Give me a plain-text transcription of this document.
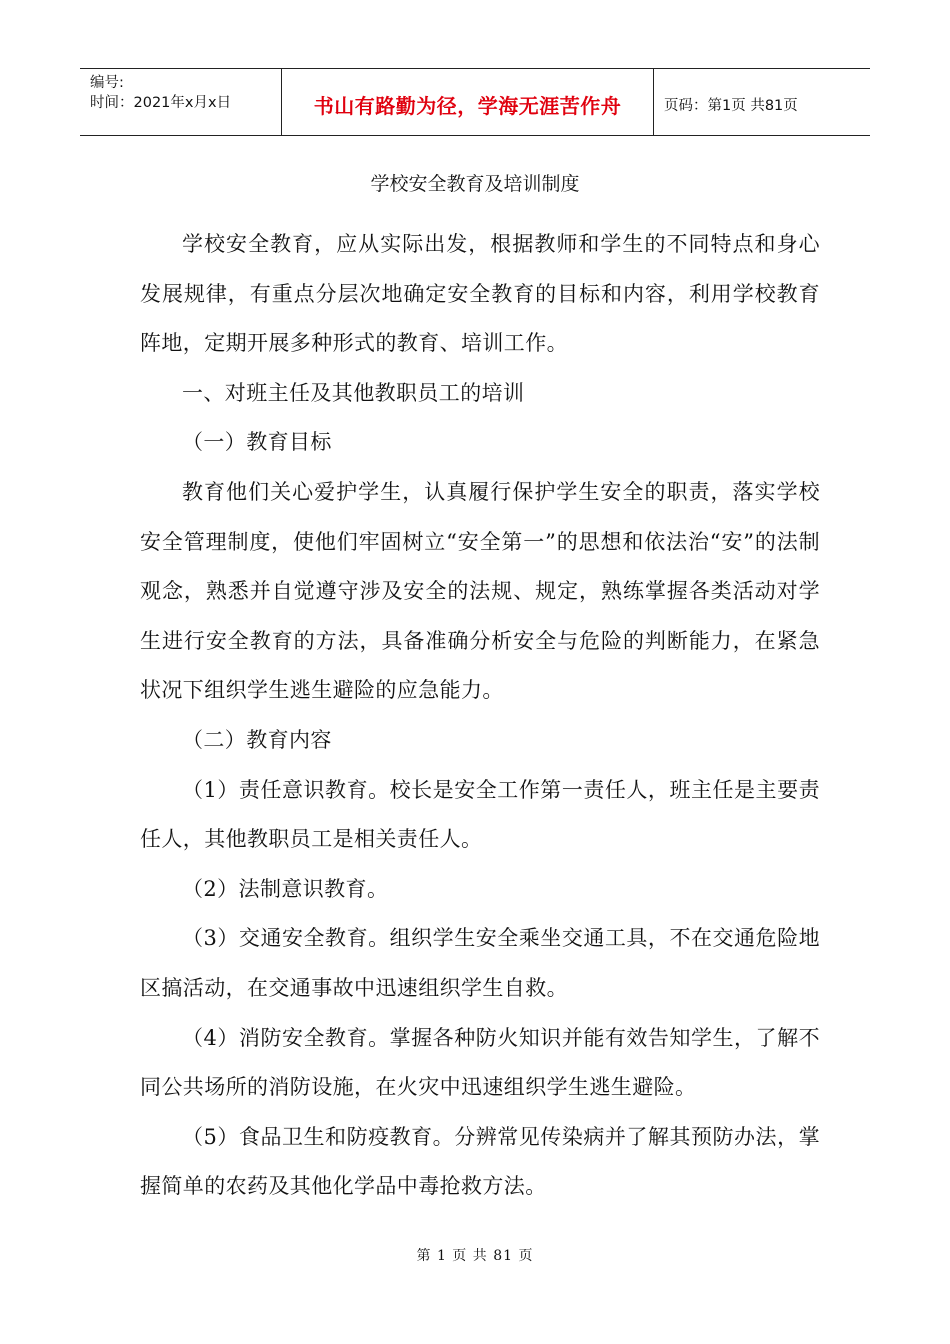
编号:
时间：2021年x月x日	书山有路勤为径，学海无涯苦作舟	页码：第1页 共81页
学校安全教育及培训制度

学校安全教育，应从实际出发，根据教师和学生的不同特点和身心发展规律，有重点分层次地确定安全教育的目标和内容，利用学校教育阵地，定期开展多种形式的教育、培训工作。

一、对班主任及其他教职员工的培训

（一）教育目标

教育他们关心爱护学生，认真履行保护学生安全的职责，落实学校安全管理制度，使他们牢固树立“安全第一”的思想和依法治“安”的法制观念，熟悉并自觉遵守涉及安全的法规、规定，熟练掌握各类活动对学生进行安全教育的方法，具备准确分析安全与危险的判断能力，在紧急状况下组织学生逃生避险的应急能力。

（二）教育内容

（1）责任意识教育。校长是安全工作第一责任人，班主任是主要责任人，其他教职员工是相关责任人。

（2）法制意识教育。

（3）交通安全教育。组织学生安全乘坐交通工具，不在交通危险地区搞活动，在交通事故中迅速组织学生自救。

（4）消防安全教育。掌握各种防火知识并能有效告知学生，了解不同公共场所的消防设施，在火灾中迅速组织学生逃生避险。

（5）食品卫生和防疫教育。分辨常见传染病并了解其预防办法，掌握简单的农药及其他化学品中毒抢救方法。

第 1 页 共 81 页
